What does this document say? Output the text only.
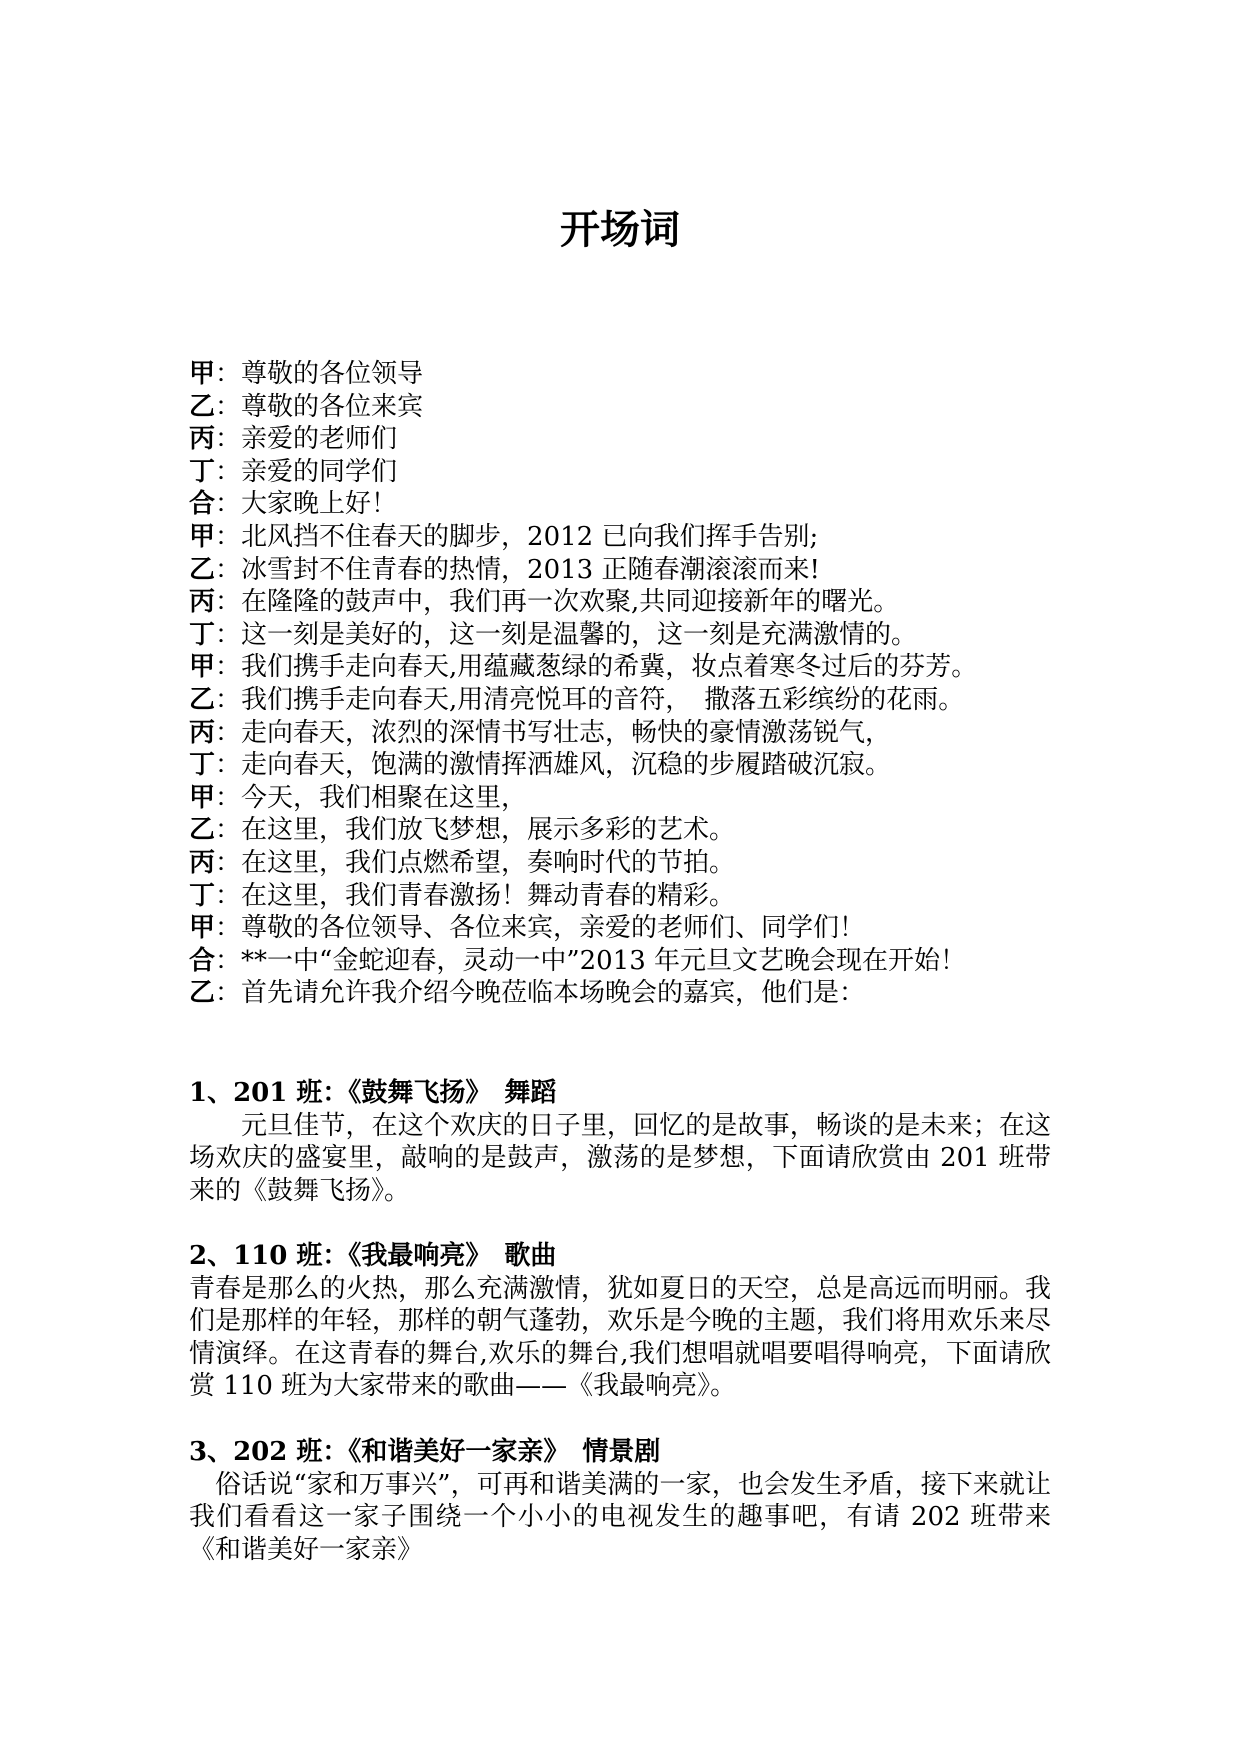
开场词
甲：尊敬的各位领导
乙：尊敬的各位来宾
丙：亲爱的老师们
丁：亲爱的同学们
合：大家晚上好！
甲：北风挡不住春天的脚步，2012 已向我们挥手告别;
乙：冰雪封不住青春的热情，2013 正随春潮滚滚而来!
丙：在隆隆的鼓声中，我们再一次欢聚,共同迎接新年的曙光。
丁：这一刻是美好的，这一刻是温馨的，这一刻是充满激情的。
甲：我们携手走向春天,用蕴藏葱绿的希冀，妆点着寒冬过后的芬芳。
乙：我们携手走向春天,用清亮悦耳的音符，　撒落五彩缤纷的花雨。
丙：走向春天，浓烈的深情书写壮志，畅快的豪情激荡锐气，
丁：走向春天，饱满的激情挥洒雄风，沉稳的步履踏破沉寂。
甲：今天，我们相聚在这里，
乙：在这里，我们放飞梦想，展示多彩的艺术。
丙：在这里，我们点燃希望，奏响时代的节拍。
丁：在这里，我们青春激扬！舞动青春的精彩。
甲：尊敬的各位领导、各位来宾，亲爱的老师们、同学们！
合：**一中“金蛇迎春，灵动一中”2013 年元旦文艺晚会现在开始！
乙：首先请允许我介绍今晚莅临本场晚会的嘉宾，他们是：

1、201 班：《鼓舞飞扬》　舞蹈

元旦佳节，在这个欢庆的日子里，回忆的是故事，畅谈的是未来；在这场欢庆的盛宴里，敲响的是鼓声，激荡的是梦想，下面请欣赏由 201 班带来的《鼓舞飞扬》。

2、110 班：《我最响亮》　歌曲

青春是那么的火热，那么充满激情，犹如夏日的天空，总是高远而明丽。我们是那样的年轻，那样的朝气蓬勃，欢乐是今晚的主题，我们将用欢乐来尽情演绎。在这青春的舞台,欢乐的舞台,我们想唱就唱要唱得响亮，下面请欣赏 110 班为大家带来的歌曲——《我最响亮》。

3、202 班：《和谐美好一家亲》　情景剧

俗话说“家和万事兴”，可再和谐美满的一家，也会发生矛盾，接下来就让我们看看这一家子围绕一个小小的电视发生的趣事吧，有请 202 班带来《和谐美好一家亲》
